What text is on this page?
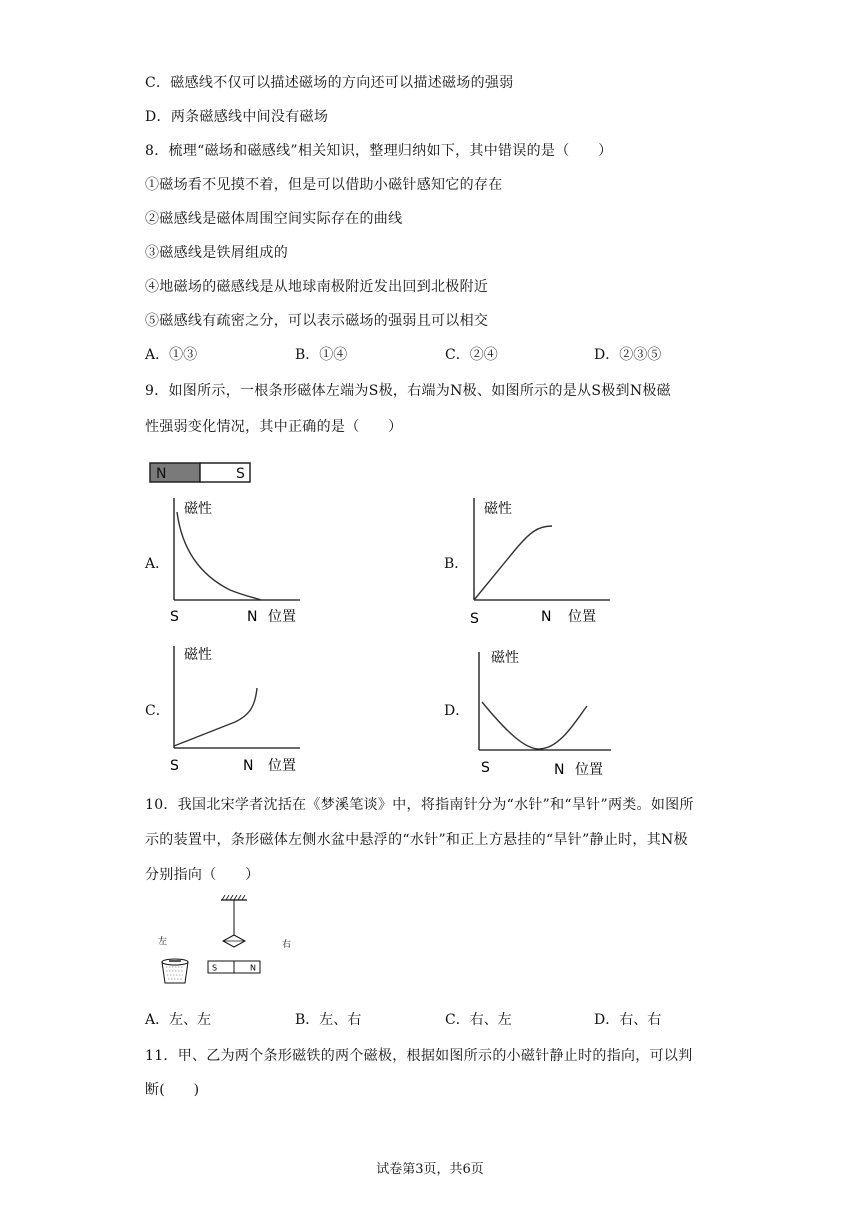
C．磁感线不仅可以描述磁场的方向还可以描述磁场的强弱
D．两条磁感线中间没有磁场
8．梳理“磁场和磁感线”相关知识，整理归纳如下，其中错误的是（　　）
①磁场看不见摸不着，但是可以借助小磁针感知它的存在
②磁感线是磁体周围空间实际存在的曲线
③磁感线是铁屑组成的
④地磁场的磁感线是从地球南极附近发出回到北极附近
⑤磁感线有疏密之分，可以表示磁场的强弱且可以相交
A．①③	B．①④	C．②④	D．②③⑤
9．如图所示，一根条形磁体左端为S极，右端为N极、如图所示的是从S极到N极磁
性强弱变化情况，其中正确的是（　　）
N	S
A．
磁性
S	N 位置
B．
磁性
S	N 位置
C．
磁性
S	N 位置
D．
磁性
S	N 位置
10．我国北宋学者沈括在《梦溪笔谈》中，将指南针分为“水针”和“旱针”两类。如图所
示的装置中，条形磁体左侧水盆中悬浮的“水针”和正上方悬挂的“旱针”静止时，其N极
分别指向（　　）
左	右
S	N
A．左、左	B．左、右	C．右、左	D．右、右
11．甲、乙为两个条形磁铁的两个磁极，根据如图所示的小磁针静止时的指向，可以判
断(　　)
试卷第3页，共6页
